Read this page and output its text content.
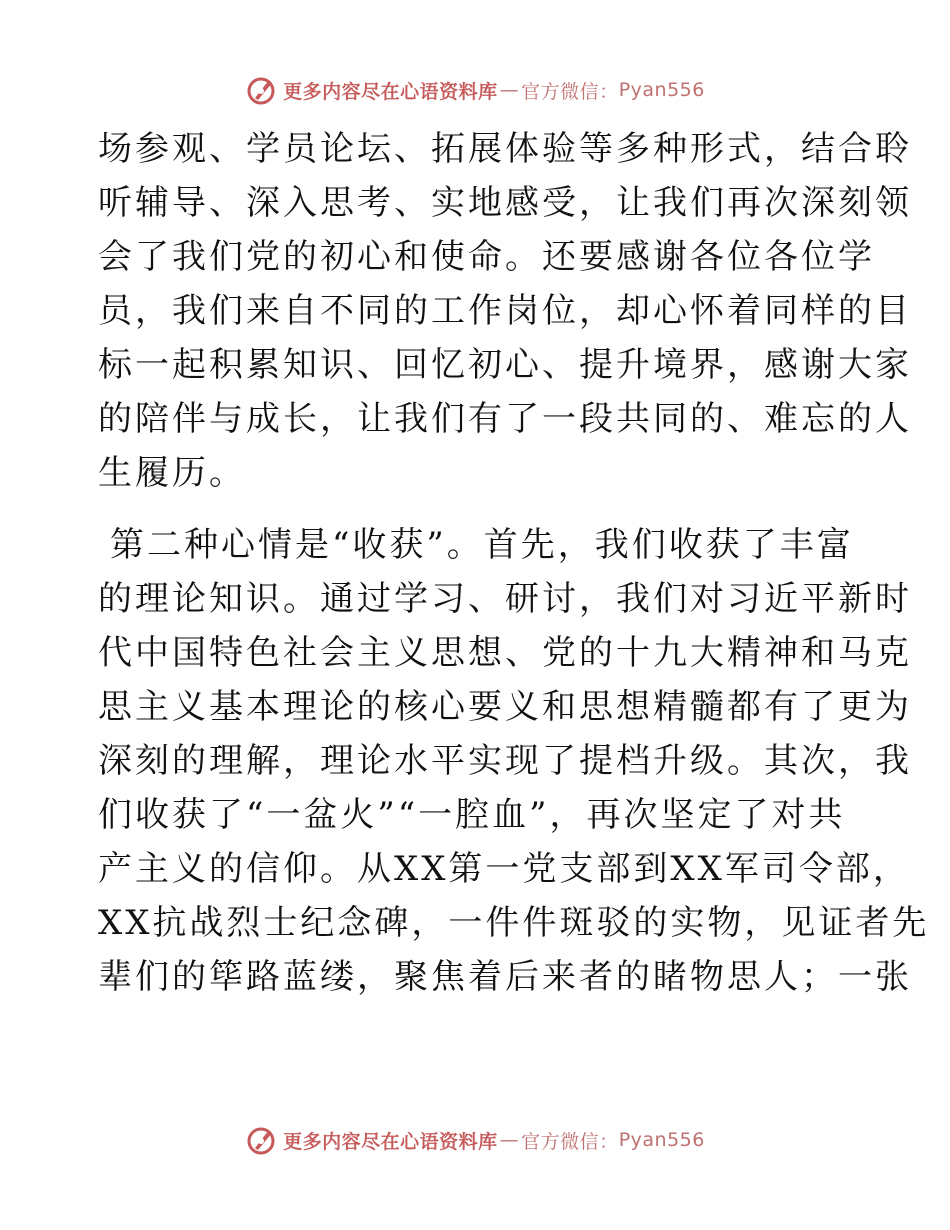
更多内容尽在心语资料库 — 官方微信： Pyan556
场参观、学员论坛、拓展体验等多种形式，结合聆
听辅导、深入思考、实地感受，让我们再次深刻领
会了我们党的初心和使命。还要感谢各位各位学
员，我们来自不同的工作岗位，却心怀着同样的目
标一起积累知识、回忆初心、提升境界，感谢大家
的陪伴与成长，让我们有了一段共同的、难忘的人
生履历。
第二种心情是“收获”。首先，我们收获了丰富
的理论知识。通过学习、研讨，我们对习近平新时
代中国特色社会主义思想、党的十九大精神和马克
思主义基本理论的核心要义和思想精髓都有了更为
深刻的理解，理论水平实现了提档升级。其次，我
们收获了“一盆火”“一腔血”，再次坚定了对共
产主义的信仰。从XX第一党支部到XX军司令部，
XX抗战烈士纪念碑，一件件斑驳的实物，见证者先
辈们的筚路蓝缕，聚焦着后来者的睹物思人；一张
更多内容尽在心语资料库 — 官方微信： Pyan556
